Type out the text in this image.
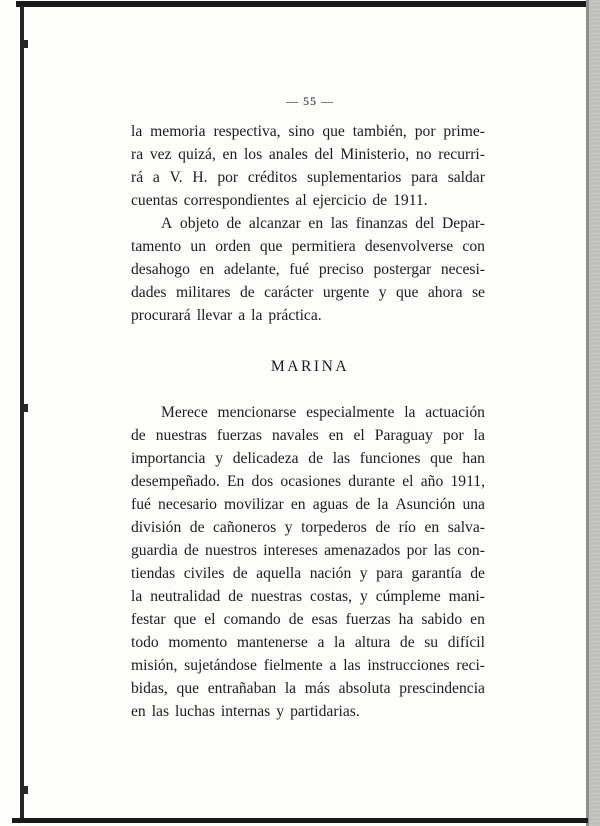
— 55 —
la memoria respectiva, sino que también, por prime-
ra vez quizá, en los anales del Ministerio, no recurri-
rá a V. H. por créditos suplementarios para saldar
cuentas correspondientes al ejercicio de 1911.
A objeto de alcanzar en las finanzas del Depar-
tamento un orden que permitiera desenvolverse con
desahogo en adelante, fué preciso postergar necesi-
dades militares de carácter urgente y que ahora se
procurará llevar a la práctica.
MARINA
Merece mencionarse especialmente la actuación
de nuestras fuerzas navales en el Paraguay por la
importancia y delicadeza de las funciones que han
desempeñado. En dos ocasiones durante el año 1911,
fué necesario movilizar en aguas de la Asunción una
división de cañoneros y torpederos de río en salva-
guardia de nuestros intereses amenazados por las con-
tiendas civiles de aquella nación y para garantía de
la neutralidad de nuestras costas, y cúmpleme mani-
festar que el comando de esas fuerzas ha sabido en
todo momento mantenerse a la altura de su difícil
misión, sujetándose fielmente a las instrucciones reci-
bidas, que entrañaban la más absoluta prescindencia
en las luchas internas y partidarias.
